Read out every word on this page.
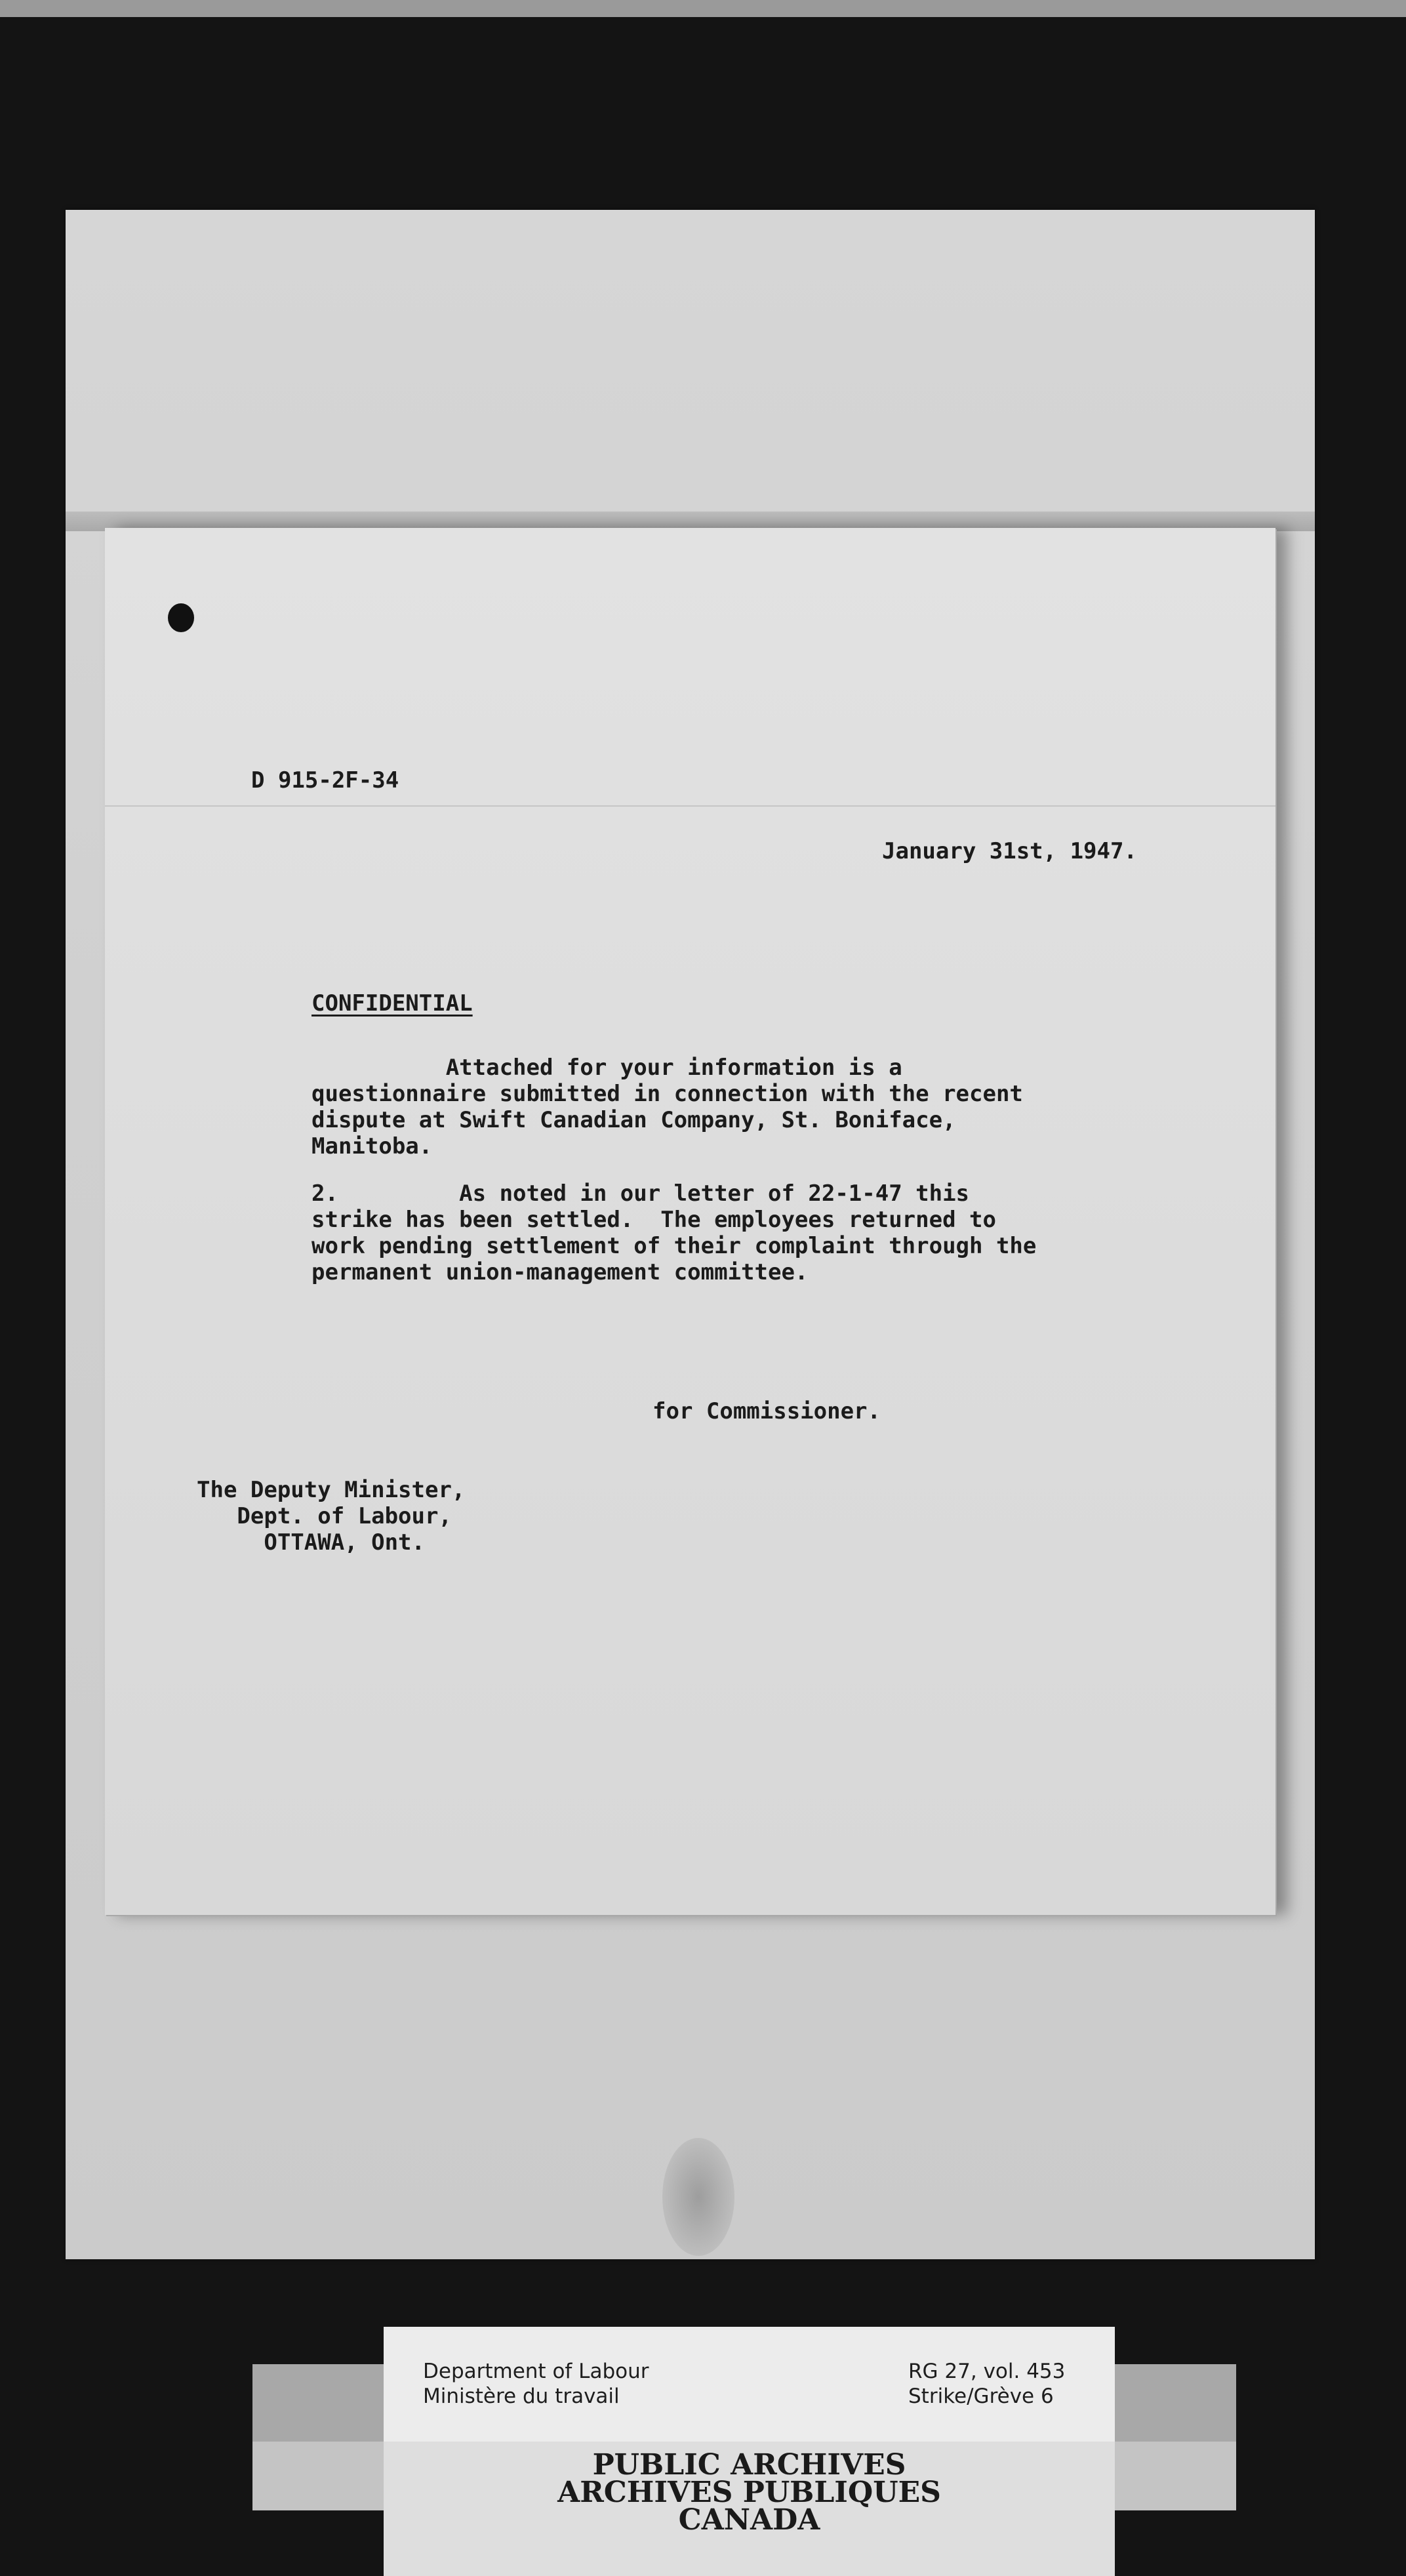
D 915-2F-34
January 31st, 1947.
CONFIDENTIAL
Attached for your information is a
questionnaire submitted in connection with the recent
dispute at Swift Canadian Company, St. Boniface,
Manitoba.
2.         As noted in our letter of 22-1-47 this
strike has been settled.  The employees returned to
work pending settlement of their complaint through the
permanent union-management committee.
for Commissioner.
The Deputy Minister,
Dept. of Labour,
OTTAWA, Ont.
Department of Labour
Ministère du travail
RG 27, vol. 453
Strike/Grève 6
PUBLIC ARCHIVES
ARCHIVES PUBLIQUES
CANADA
